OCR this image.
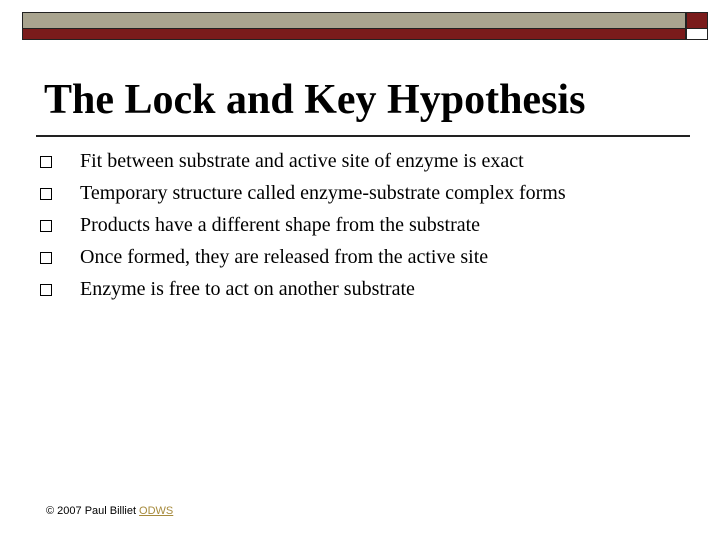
The Lock and Key Hypothesis
Fit between substrate and active site of enzyme is exact
Temporary structure called enzyme-substrate complex forms
Products have a different shape from the substrate
Once formed, they are released from the active site
Enzyme is free to act on another substrate
© 2007 Paul Billiet ODWS
